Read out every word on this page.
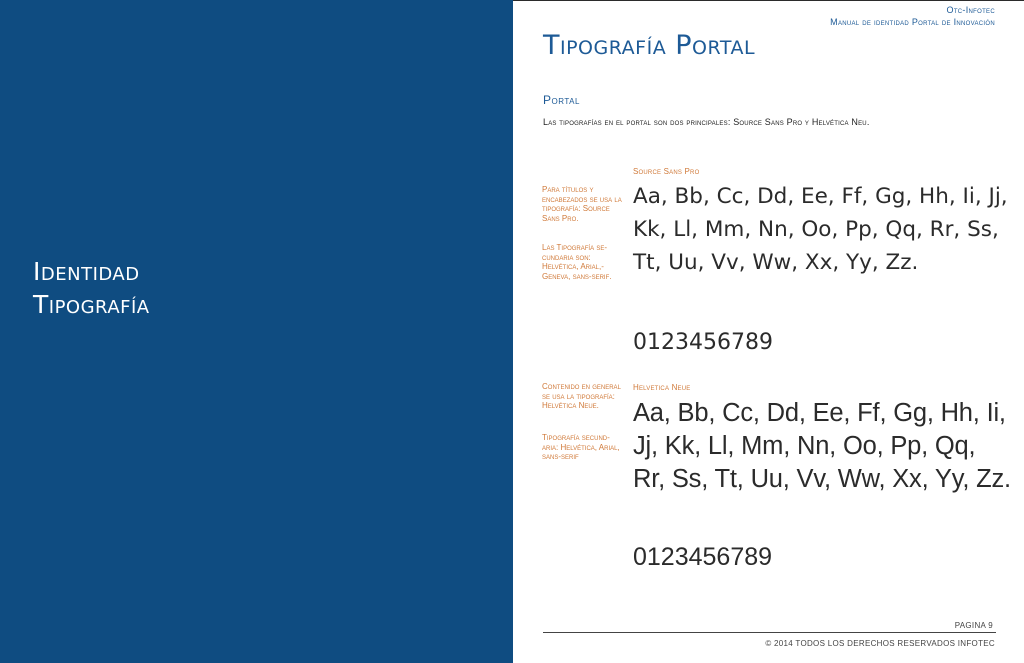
Identidad
Tipografía
Otc-Infotec
Manual de identidad Portal de Innovación
Tipografía Portal
Portal
Las tipografías en el portal son dos principales: Source Sans Pro y Helvética Neu.
Source Sans Pro
Para títulos y encabezados se usa la tipografía: Source Sans Pro.
Las Tipografía se-cundaria son: Helvética, Arial,-Geneva, sans-serif.
Aa, Bb, Cc, Dd, Ee, Ff, Gg, Hh, Ii, Jj, Kk, Ll, Mm, Nn, Oo, Pp, Qq, Rr, Ss, Tt, Uu, Vv, Ww, Xx, Yy, Zz.
0123456789
Helvetica Neue
Contenido en general se usa la tipografía: Helvética Neue.
Tipografía secund-aria: Helvética, Arial, sans-serif
Aa, Bb, Cc, Dd, Ee, Ff, Gg, Hh, Ii, Jj, Kk, Ll, Mm, Nn, Oo, Pp, Qq, Rr, Ss, Tt, Uu, Vv, Ww, Xx, Yy, Zz.
0123456789
PAGINA 9
© 2014 TODOS LOS DERECHOS RESERVADOS INFOTEC
